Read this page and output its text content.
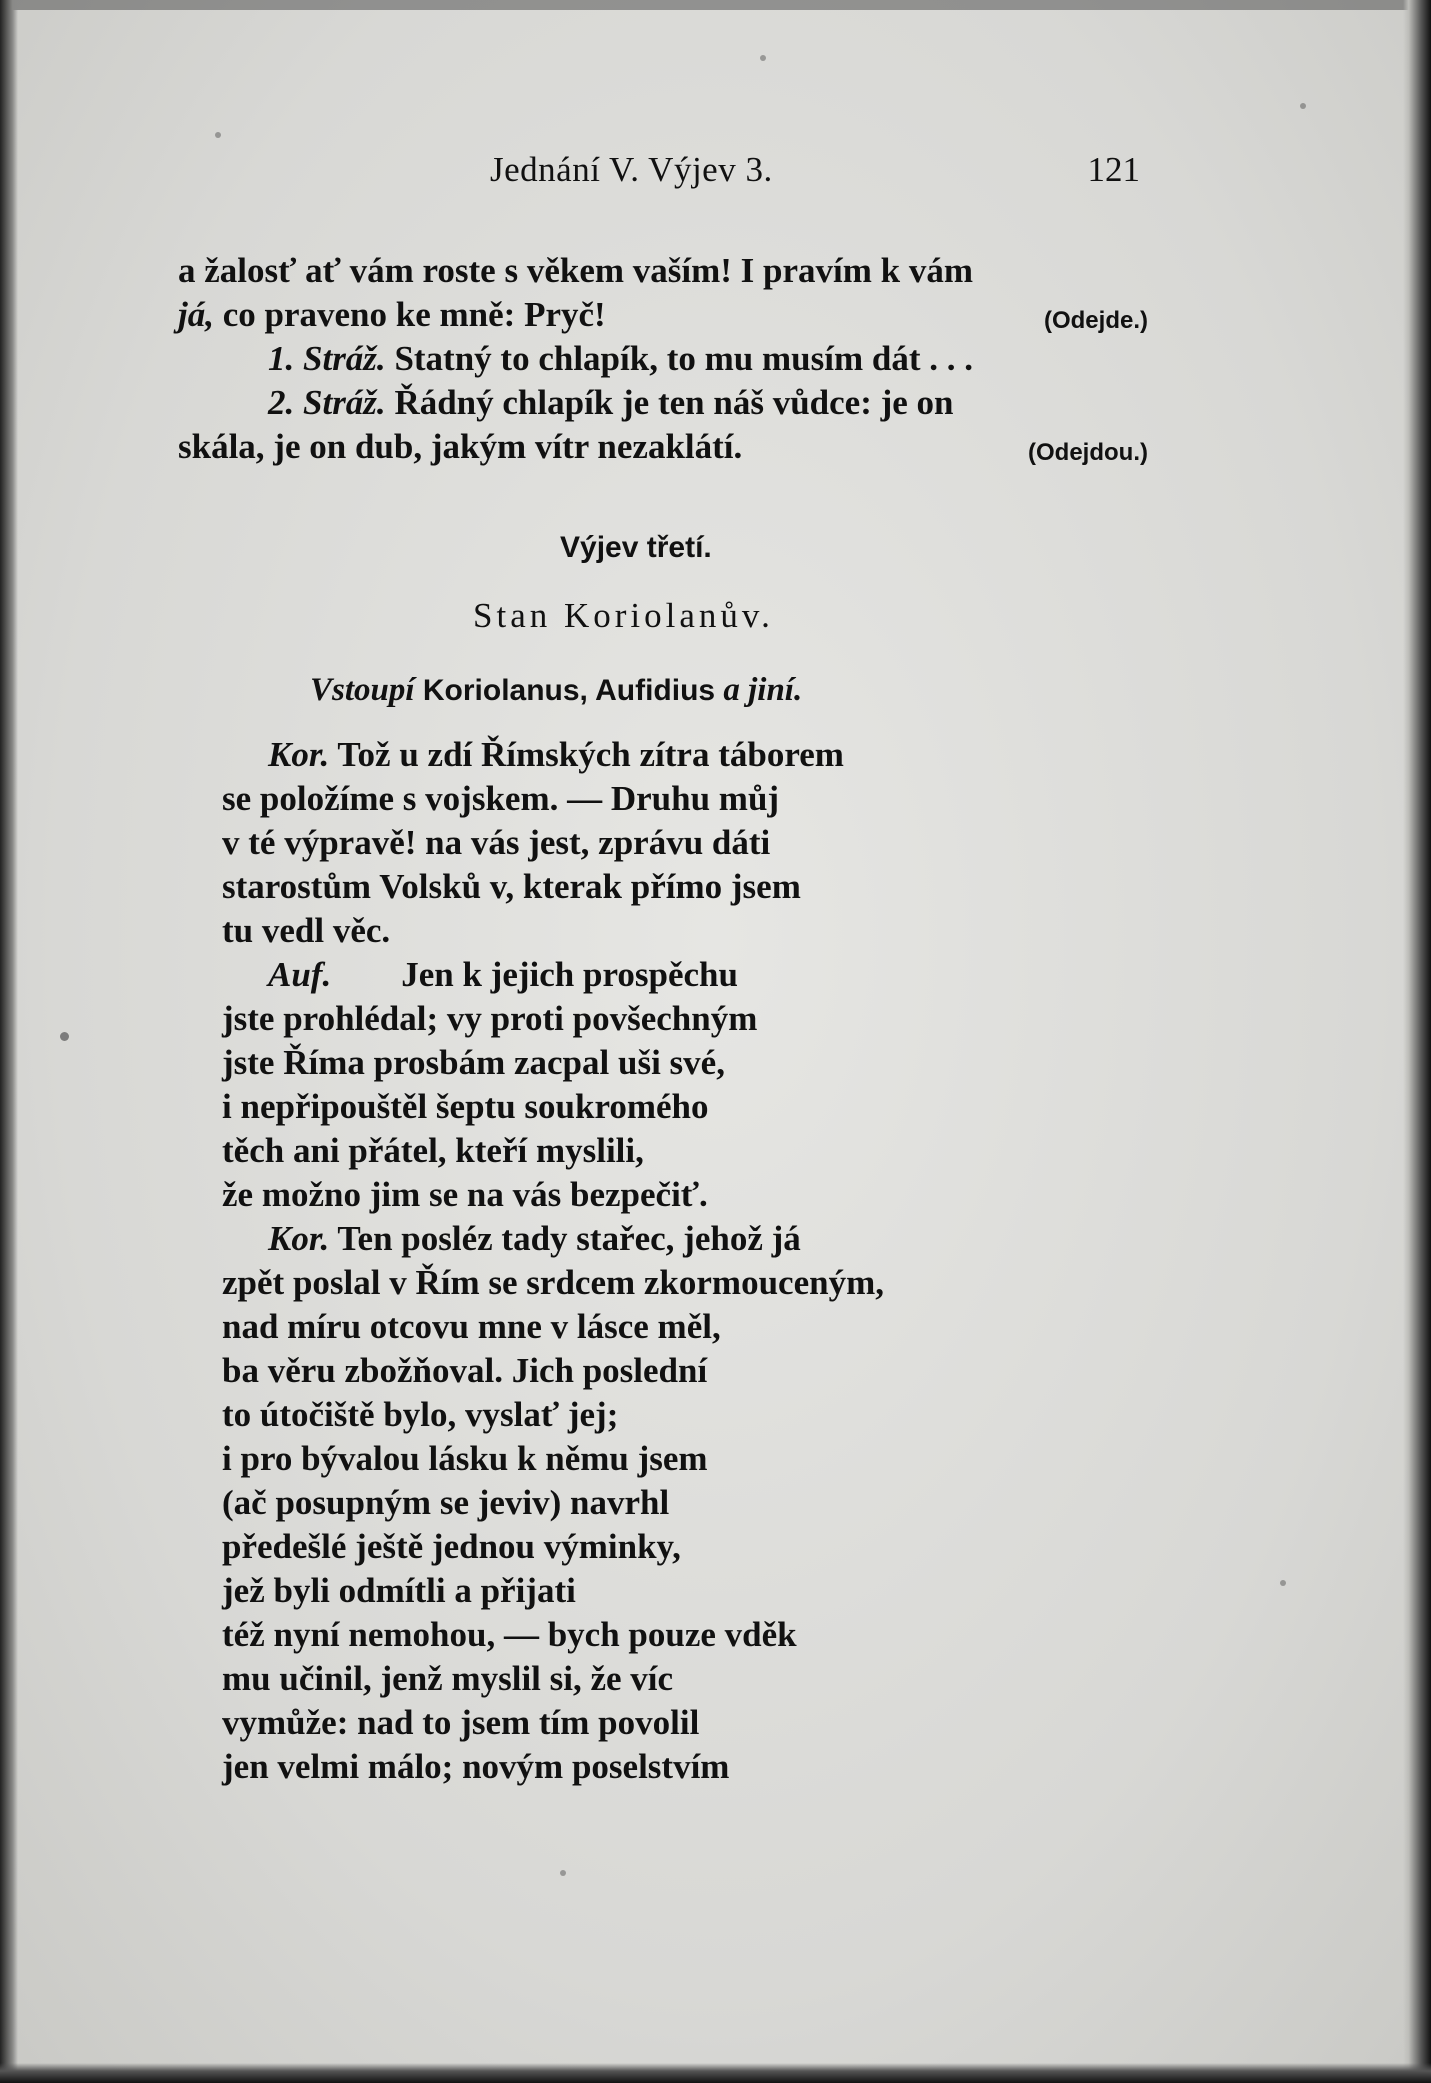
Jednání V. Výjev 3.	121
a žalosť ať vám roste s věkem vaším! I pravím k vám
já, co praveno ke mně: Pryč!	(Odejde.)
1. Stráž. Statný to chlapík, to mu musím dát . . .
2. Stráž. Řádný chlapík je ten náš vůdce: je on
skála, je on dub, jakým vítr nezaklátí.	(Odejdou.)
Výjev třetí.
Stan Koriolanův.
Vstoupí Koriolanus, Aufidius a jiní.
Kor. Tož u zdí Římských zítra táborem
se položíme s vojskem. — Druhu můj
v té výpravě! na vás jest, zprávu dáti
starostům Volsků v, kterak přímo jsem
tu vedl věc.
Auf. Jen k jejich prospěchu
jste prohlédal; vy proti povšechným
jste Říma prosbám zacpal uši své,
i nepřipouštěl šeptu soukromého
těch ani přátel, kteří myslili,
že možno jim se na vás bezpečiť.
Kor. Ten posléz tady stařec, jehož já
zpět poslal v Řím se srdcem zkormouceným,
nad míru otcovu mne v lásce měl,
ba věru zbožňoval. Jich poslední
to útočiště bylo, vyslať jej;
i pro bývalou lásku k němu jsem
(ač posupným se jeviv) navrhl
předešlé ještě jednou výminky,
jež byli odmítli a přijati
též nyní nemohou, — bych pouze vděk
mu učinil, jenž myslil si, že víc
vymůže: nad to jsem tím povolil
jen velmi málo; novým poselstvím
